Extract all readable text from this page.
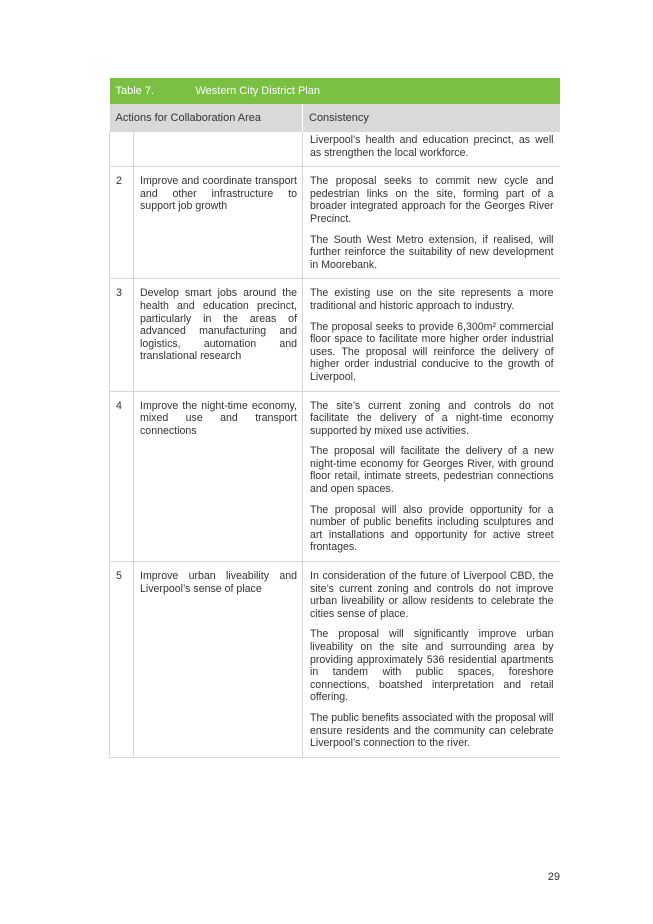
Table 7. Western City District Plan		
Actions for Collaboration Area		Consistency

		Liverpool’s health and education precinct, as well as strengthen the local workforce.

2	Improve and coordinate transport and other infrastructure to support job growth	The proposal seeks to commit new cycle and pedestrian links on the site, forming part of a broader integrated approach for the Georges River Precinct.

The South West Metro extension, if realised, will further reinforce the suitability of new development in Moorebank.

3	Develop smart jobs around the health and education precinct, particularly in the areas of advanced manufacturing and logistics, automation and translational research	The existing use on the site represents a more traditional and historic approach to industry.

The proposal seeks to provide 6,300m² commercial floor space to facilitate more higher order industrial uses. The proposal will reinforce the delivery of higher order industrial conducive to the growth of Liverpool.

4	Improve the night-time economy, mixed use and transport connections	The site’s current zoning and controls do not facilitate the delivery of a night-time economy supported by mixed use activities.

The proposal will facilitate the delivery of a new night-time economy for Georges River, with ground floor retail, intimate streets, pedestrian connections and open spaces.

The proposal will also provide opportunity for a number of public benefits including sculptures and art installations and opportunity for active street frontages.

5	Improve urban liveability and Liverpool’s sense of place	In consideration of the future of Liverpool CBD, the site’s current zoning and controls do not improve urban liveability or allow residents to celebrate the cities sense of place.

The proposal will significantly improve urban liveability on the site and surrounding area by providing approximately 536 residential apartments in tandem with public spaces, foreshore connections, boatshed interpretation and retail offering.

The public benefits associated with the proposal will ensure residents and the community can celebrate Liverpool’s connection to the river.

29
